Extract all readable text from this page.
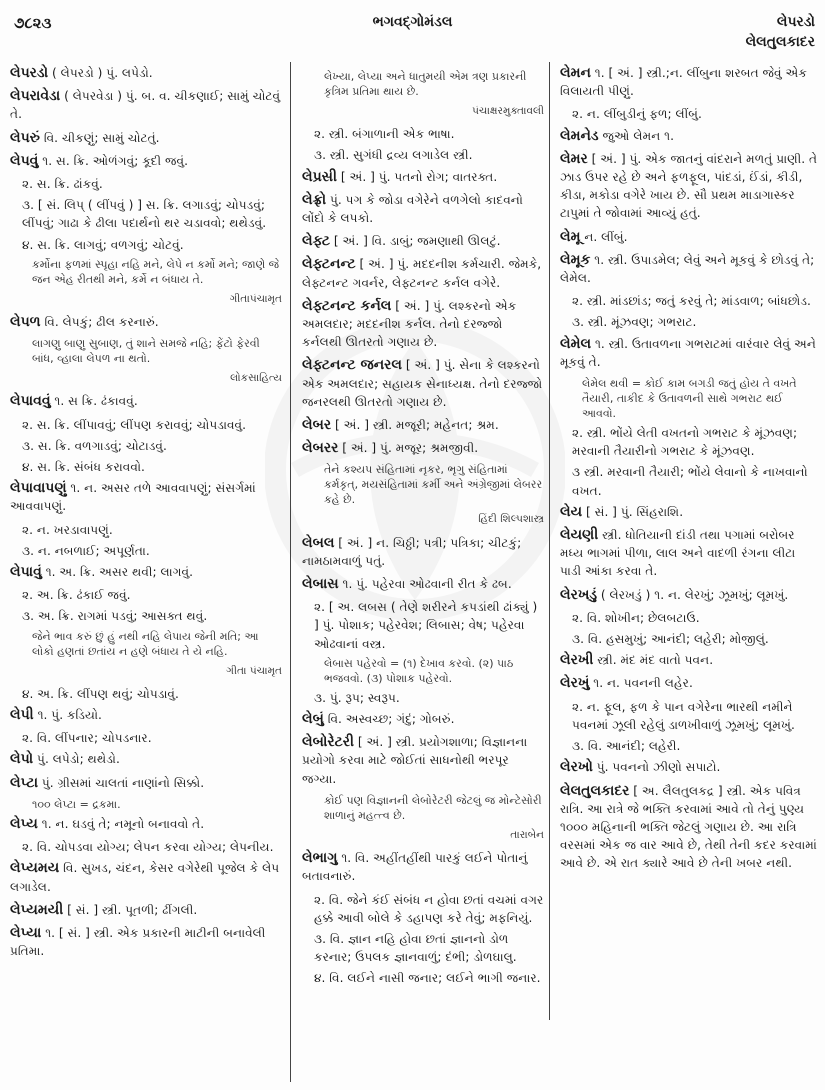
૭૮૨૩	ભગવદ્ગોમંડલ	લેપરડો
લેલતુલકાદર
લેપરડો ( લેપરડો ) પું. લપેડો.
લેપરાવેડા ( લેપરવેડા ) પું. બ. વ. ચીકણાઈ; સામું ચોટવું તે.
લેપરું વિ. ચીકણું; સામું ચોટતું.
લેપવું ૧. સ. ક્રિ. ઓળંગવું; કૂદી જવું.
૨. સ. ક્રિ. ઢાંકવું.
૩. [ સં. લિપ્ ( લીંપવું ) ] સ. ક્રિ. લગાડવું; ચોપડવું; લીંપવું; ગાઢા કે ઢીલા પદાર્થનો થર ચડાવવો; થથેડવું.
૪. સ. ક્રિ. લાગવું; વળગવું; ચોટવું.
કર્મોના ફળમાં સ્પૃહા નહિ મને, લેપે ન કર્મો મને; જાણે જે જન એહ રીતથી મને, કર્મે ન બંધાય તે.
ગીતાપંચામૃત
લેપળ વિ. લેપકું; ઢીલ કરનારું.
લાગણુ બાણુ સુબાણ, તું શાને સમજે નહિ; ફેંટો ફેરવી બાંધ, વ્હાલા લેપળ ના થતો.
લોકસાહિત્ય
લેપાવવું ૧. સ ક્રિ. ઢંકાવવું.
૨. સ. ક્રિ. લીંપાવવું; લીંપણ કરાવવું; ચોપડાવવું.
૩. સ. ક્રિ. વળગાડવું; ચોટાડવું.
૪. સ. ક્રિ. સંબંધ કરાવવો.
લેપાવાપણું ૧. ન. અસર તળે આવવાપણું; સંસર્ગમાં આવવાપણું.
૨. ન. ખરડાવાપણું.
૩. ન. નબળાઈ; અપૂર્ણતા.
લેપાવું ૧. અ. ક્રિ. અસર થવી; લાગવું.
૨. અ. ક્રિ. ઢંકાઈ જવું.
૩. અ. ક્રિ. રાગમાં પડવું; આસક્ત થવું.
જેને ભાવ કરું છું હું નથી નહિ લેપાય જેની મતિ; આ લોકો હણતાં છતાંય ન હણે બંધાય તે યે નહિ.
ગીતા પંચામૃત
૪. અ. ક્રિ. લીંપણ થવું; ચોપડાવું.
લેપી ૧. પું. કડિયો.
૨. વિ. લીંપનાર; ચોપડનાર.
લેપો પું. લપેડો; થથેડો.
લેપ્ટા પું. ગ્રીસમાં ચાલતાં નાણાંનો સિક્કો.
૧૦૦ લેપ્ટા = દ્રકમા.
લેપ્ય ૧. ન. ઘડવું તે; નમૂનો બનાવવો તે.
૨. વિ. ચોપડવા યોગ્ય; લેપન કરવા યોગ્ય; લેપનીય.
લેપ્યમય વિ. સુખડ, ચંદન, કેસર વગેરેથી પૂજેલ કે લેપ લગાડેલ.
લેપ્યમયી [ સં. ] સ્ત્રી. પૂતળી; ઢીંગલી.
લેપ્યા ૧. [ સં. ] સ્ત્રી. એક પ્રકારની માટીની બનાવેલી પ્રતિમા.
લેખ્યા, લેપ્યા અને ધાતુમયી એમ ત્રણ પ્રકારની કૃત્રિમ પ્રતિમા થાય છે.
પંચાક્ષરમુક્તાવલી
૨. સ્ત્રી. બંગાળાની એક ભાષા.
૩. સ્ત્રી. સુગંધી દ્રવ્ય લગાડેલ સ્ત્રી.
લેપ્રસી [ અં. ] પું. પતનો રોગ; વાતરક્ત.
લેફ્રો પું. પગ કે જોડા વગેરેને વળગેલો કાદવનો લોંદો કે લપકો.
લેફ્ટ [ અં. ] વિ. ડાબું; જમણાથી ઊલટું.
લેફ્ટનન્ટ [ અં. ] પું. મદદનીશ કર્મચારી. જેમકે, લેફ્ટનન્ટ ગવર્નર, લેફ્ટનન્ટ કર્નલ વગેરે.
લેફ્ટનન્ટ કર્નલ [ અં. ] પું. લશ્કરનો એક અમલદાર; મદદનીશ કર્નલ. તેનો દરજ્જો કર્નલથી ઊતરતો ગણાય છે.
લેફ્ટનન્ટ જનરલ [ અં. ] પું. સેના કે લશ્કરનો એક અમલદાર; સહાયક સેનાધ્યક્ષ. તેનો દરજ્જો જનરલથી ઊતરતો ગણાય છે.
લેબર [ અં. ] સ્ત્રી. મજૂરી; મહેનત; શ્રમ.
લેબરર [ અં. ] પું. મજૂર; શ્રમજીવી.
તેને કશ્યપ સંહિતામાં નૃકર, ભૃગુ સંહિતામાં કર્મકૃત્, મયસંહિતામાં કર્મી અને અંગ્રેજીમાં લેબરર કહે છે.
હિંદી શિલ્પશાસ્ત્ર
લેબલ [ અં. ] ન. ચિઠ્ઠી; પત્રી; પત્રિકા; ચીટકું; નામઠામવાળું પતું.
લેબાસ ૧. પું. પહેરવા ઓઢવાની રીત કે ઢબ.
૨. [ અ. લબસ ( તેણે શરીરને કપડાંથી ઢાંક્યું ) ] પું. પોશાક; પહેરવેશ; લિબાસ; વેષ; પહેરવા ઓઢવાનાં વસ્ત્ર.
લેબાસ પહેરવો = (૧) દેખાવ કરવો. (૨) પાઠ ભજવવો. (૩) પોશાક પહેરવો.
૩. પું. રૂપ; સ્વરૂપ.
લેબું વિ. અસ્વચ્છ; ગંદું; ગોબરું.
લેબોરેટરી [ અં. ] સ્ત્રી. પ્રયોગશાળા; વિજ્ઞાનના પ્રયોગો કરવા માટે જોઈતાં સાધનોથી ભરપૂર જગ્યા.
કોઈ પણ વિજ્ઞાનની લેબોરેટરી જેટલું જ મોન્ટેસોરી શાળાનું મહત્ત્વ છે.
તારાબેન
લેભાગુ ૧. વિ. અહીંતહીંથી પારકું લઈને પોતાનું બતાવનારું.
૨. વિ. જેને કંઈ સંબંધ ન હોવા છતાં વચમાં વગર હક્કે આવી બોલે કે ડહાપણ કરે તેવું; મફનિયું.
૩. વિ. જ્ઞાન નહિ હોવા છતાં જ્ઞાનનો ડોળ કરનાર; ઉપલક જ્ઞાનવાળું; દંભી; ડોળઘાલુ.
૪. વિ. લઈને નાસી જનાર; લઈને ભાગી જનાર.
લેમન ૧. [ અં. ] સ્ત્રી.;ન. લીંબુના શરબત જેવું એક વિલાયતી પીણું.
૨. ન. લીંબુડીનું ફળ; લીંબું.
લેમનેડ જુઓ લેમન ૧.
લેમર [ અં. ] પું. એક જાતનું વાંદરાને મળતું પ્રાણી. તે ઝાડ ઉપર રહે છે અને ફળફૂલ, પાંદડાં, ઈંડાં, કીડી, કીડા, મકોડા વગેરે ખાય છે. સૌ પ્રથમ માડાગાસ્કર ટાપુમાં તે જોવામાં આવ્યું હતું.
લેમૂ ન. લીંબું.
લેમૂક ૧. સ્ત્રી. ઉપાડમેલ; લેવું અને મૂકવું કે છોડવું તે; લેમેલ.
૨. સ્ત્રી. માંડછાંડ; જતું કરવું તે; માંડવાળ; બાંધછોડ.
૩. સ્ત્રી. મૂંઝવણ; ગભરાટ.
લેમેલ ૧. સ્ત્રી. ઉતાવળના ગભરાટમાં વારંવાર લેવું અને મૂકવું તે.
લેમેલ થવી = કોઈ કામ બગડી જતું હોય તે વખતે તૈયારી, તાકીદ કે ઉતાવળની સાથે ગભરાટ થઈ આવવો.
૨. સ્ત્રી. ભોંયે લેતી વખતનો ગભરાટ કે મૂંઝવણ; મરવાની તૈયારીનો ગભરાટ કે મૂંઝવણ.
૩ સ્ત્રી. મરવાની તૈયારી; ભોંયે લેવાનો કે નાખવાનો વખત.
લેય [ સં. ] પું. સિંહરાશિ.
લેયણી સ્ત્રી. ધોતિયાની દાંડી તથા પગામાં બરોબર મધ્ય ભાગમાં પીળા, લાલ અને વાદળી રંગના લીટા પાડી આંકા કરવા તે.
લેરખડું ( લેરખડું ) ૧. ન. લેરખું; ઝૂમખું; લૂમખું.
૨. વિ. શોખીન; છેલબટાઉ.
૩. વિ. હસમુખું; આનંદી; લહેરી; મોજીલું.
લેરખી સ્ત્રી. મંદ મંદ વાતો પવન.
લેરખું ૧. ન. પવનની લહેર.
૨. ન. ફૂલ, ફળ કે પાન વગેરેના ભારથી નમીને પવનમાં ઝૂલી રહેલું ડાળખીવાળું ઝૂમખું; લૂમખું.
૩. વિ. આનંદી; લહેરી.
લેરખો પું. પવનનો ઝીણો સપાટો.
લેલતુલકાદર [ અ. લૈલતુલકદ્ર ] સ્ત્રી. એક પવિત્ર રાત્રિ. આ રાત્રે જે ભક્તિ કરવામાં આવે તો તેનું પુણ્ય ૧૦૦૦ મહિનાની ભક્તિ જેટલું ગણાય છે. આ રાત્રિ વરસમાં એક જ વાર આવે છે, તેથી તેની કદર કરવામાં આવે છે. એ રાત ક્યારે આવે છે તેની ખબર નથી.
